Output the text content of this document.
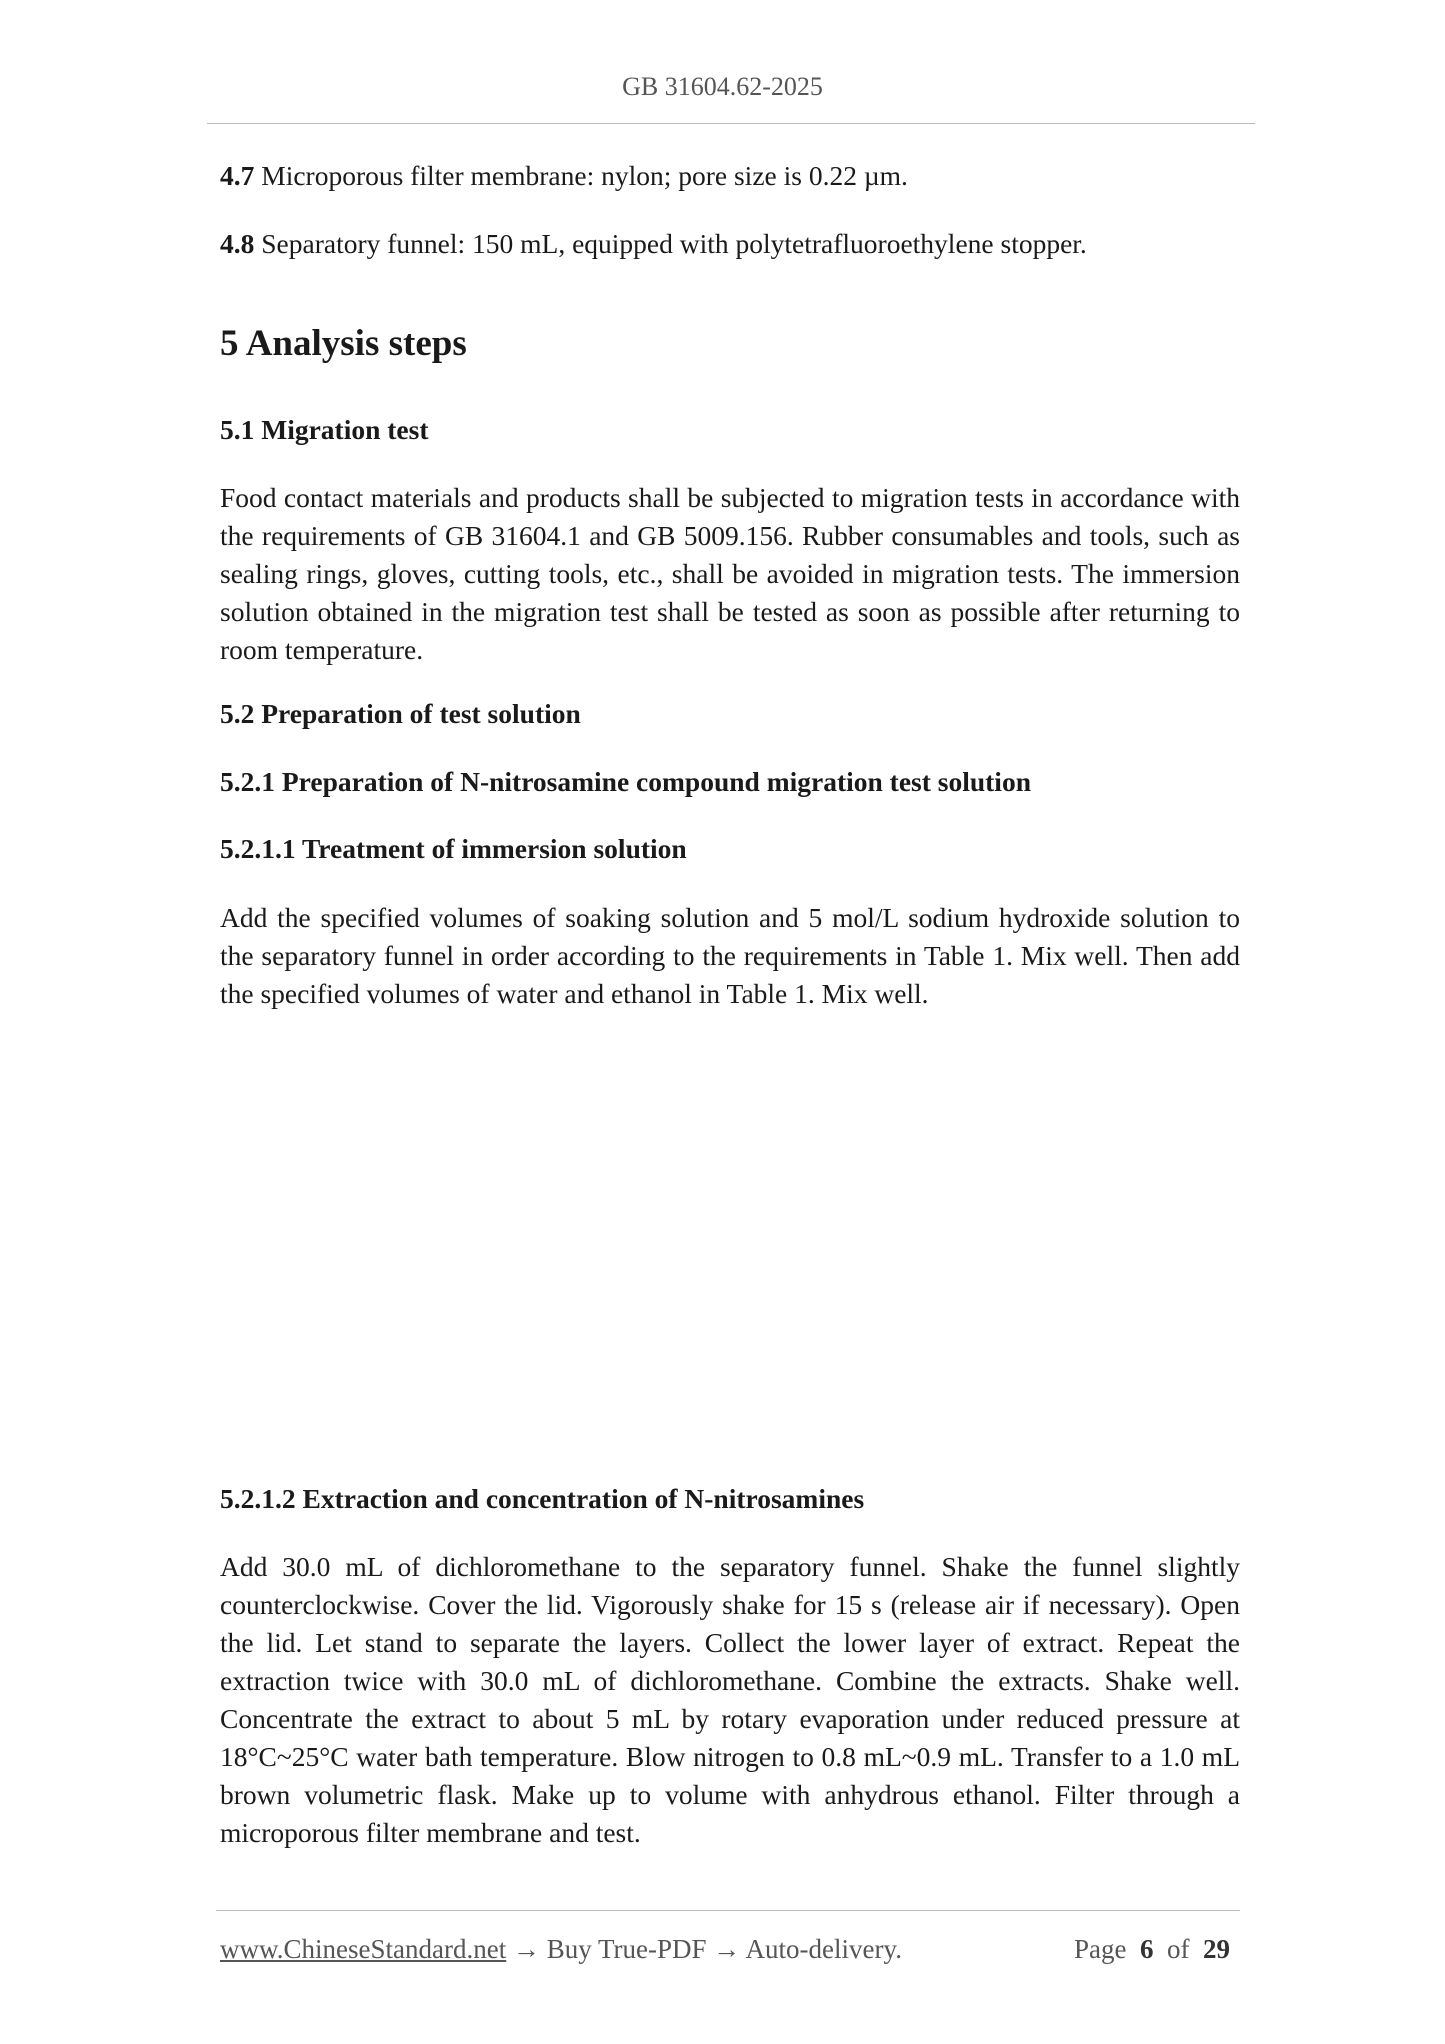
GB 31604.62-2025
4.7 Microporous filter membrane: nylon; pore size is 0.22 µm.
4.8 Separatory funnel: 150 mL, equipped with polytetrafluoroethylene stopper.
5 Analysis steps
5.1 Migration test
Food contact materials and products shall be subjected to migration tests in accordance with the requirements of GB 31604.1 and GB 5009.156. Rubber consumables and tools, such as sealing rings, gloves, cutting tools, etc., shall be avoided in migration tests. The immersion solution obtained in the migration test shall be tested as soon as possible after returning to room temperature.
5.2 Preparation of test solution
5.2.1 Preparation of N-nitrosamine compound migration test solution
5.2.1.1 Treatment of immersion solution
Add the specified volumes of soaking solution and 5 mol/L sodium hydroxide solution to the separatory funnel in order according to the requirements in Table 1. Mix well. Then add the specified volumes of water and ethanol in Table 1. Mix well.
5.2.1.2 Extraction and concentration of N-nitrosamines
Add 30.0 mL of dichloromethane to the separatory funnel. Shake the funnel slightly counterclockwise. Cover the lid. Vigorously shake for 15 s (release air if necessary). Open the lid. Let stand to separate the layers. Collect the lower layer of extract. Repeat the extraction twice with 30.0 mL of dichloromethane. Combine the extracts. Shake well. Concentrate the extract to about 5 mL by rotary evaporation under reduced pressure at 18°C~25°C water bath temperature. Blow nitrogen to 0.8 mL~0.9 mL. Transfer to a 1.0 mL brown volumetric flask. Make up to volume with anhydrous ethanol. Filter through a microporous filter membrane and test.
www.ChineseStandard.net → Buy True-PDF → Auto-delivery.	Page 6 of 29
